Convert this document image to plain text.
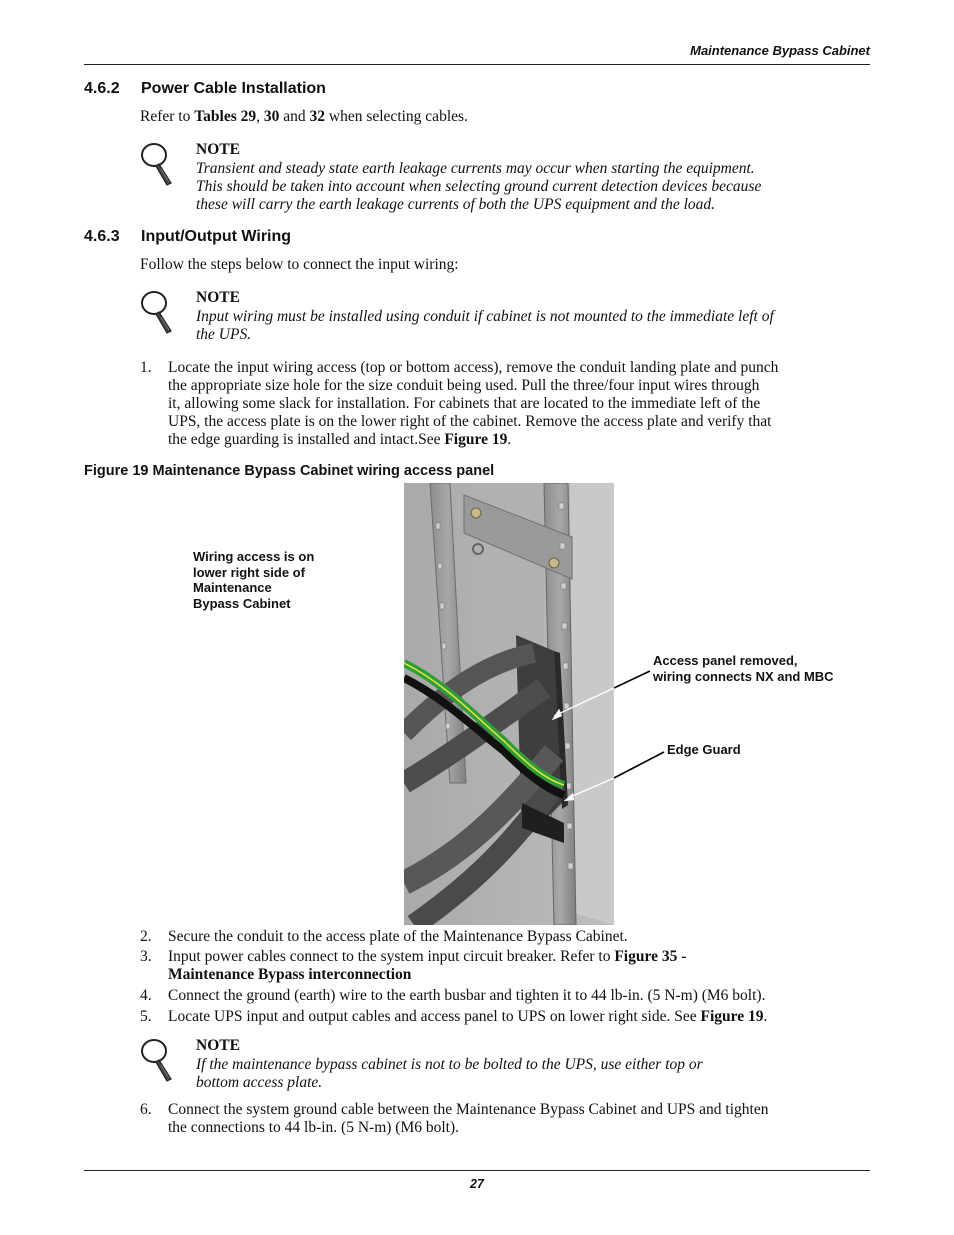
Maintenance Bypass Cabinet
4.6.2 Power Cable Installation
Refer to Tables 29, 30 and 32 when selecting cables.
NOTE
Transient and steady state earth leakage currents may occur when starting the equipment.
This should be taken into account when selecting ground current detection devices because
these will carry the earth leakage currents of both the UPS equipment and the load.
4.6.3 Input/Output Wiring
Follow the steps below to connect the input wiring:
NOTE
Input wiring must be installed using conduit if cabinet is not mounted to the immediate left of
the UPS.
1. Locate the input wiring access (top or bottom access), remove the conduit landing plate and punch
the appropriate size hole for the size conduit being used. Pull the three/four input wires through
it, allowing some slack for installation. For cabinets that are located to the immediate left of the
UPS, the access plate is on the lower right of the cabinet. Remove the access plate and verify that
the edge guarding is installed and intact.See Figure 19.
Figure 19 Maintenance Bypass Cabinet wiring access panel
Wiring access is on
lower right side of
Maintenance
Bypass Cabinet
Access panel removed,
wiring connects NX and MBC
Edge Guard
2. Secure the conduit to the access plate of the Maintenance Bypass Cabinet.
3. Input power cables connect to the system input circuit breaker. Refer to Figure 35 -
Maintenance Bypass interconnection
4. Connect the ground (earth) wire to the earth busbar and tighten it to 44 lb-in. (5 N-m) (M6 bolt).
5. Locate UPS input and output cables and access panel to UPS on lower right side. See Figure 19.
NOTE
If the maintenance bypass cabinet is not to be bolted to the UPS, use either top or
bottom access plate.
6. Connect the system ground cable between the Maintenance Bypass Cabinet and UPS and tighten
the connections to 44 lb-in. (5 N-m) (M6 bolt).
27
